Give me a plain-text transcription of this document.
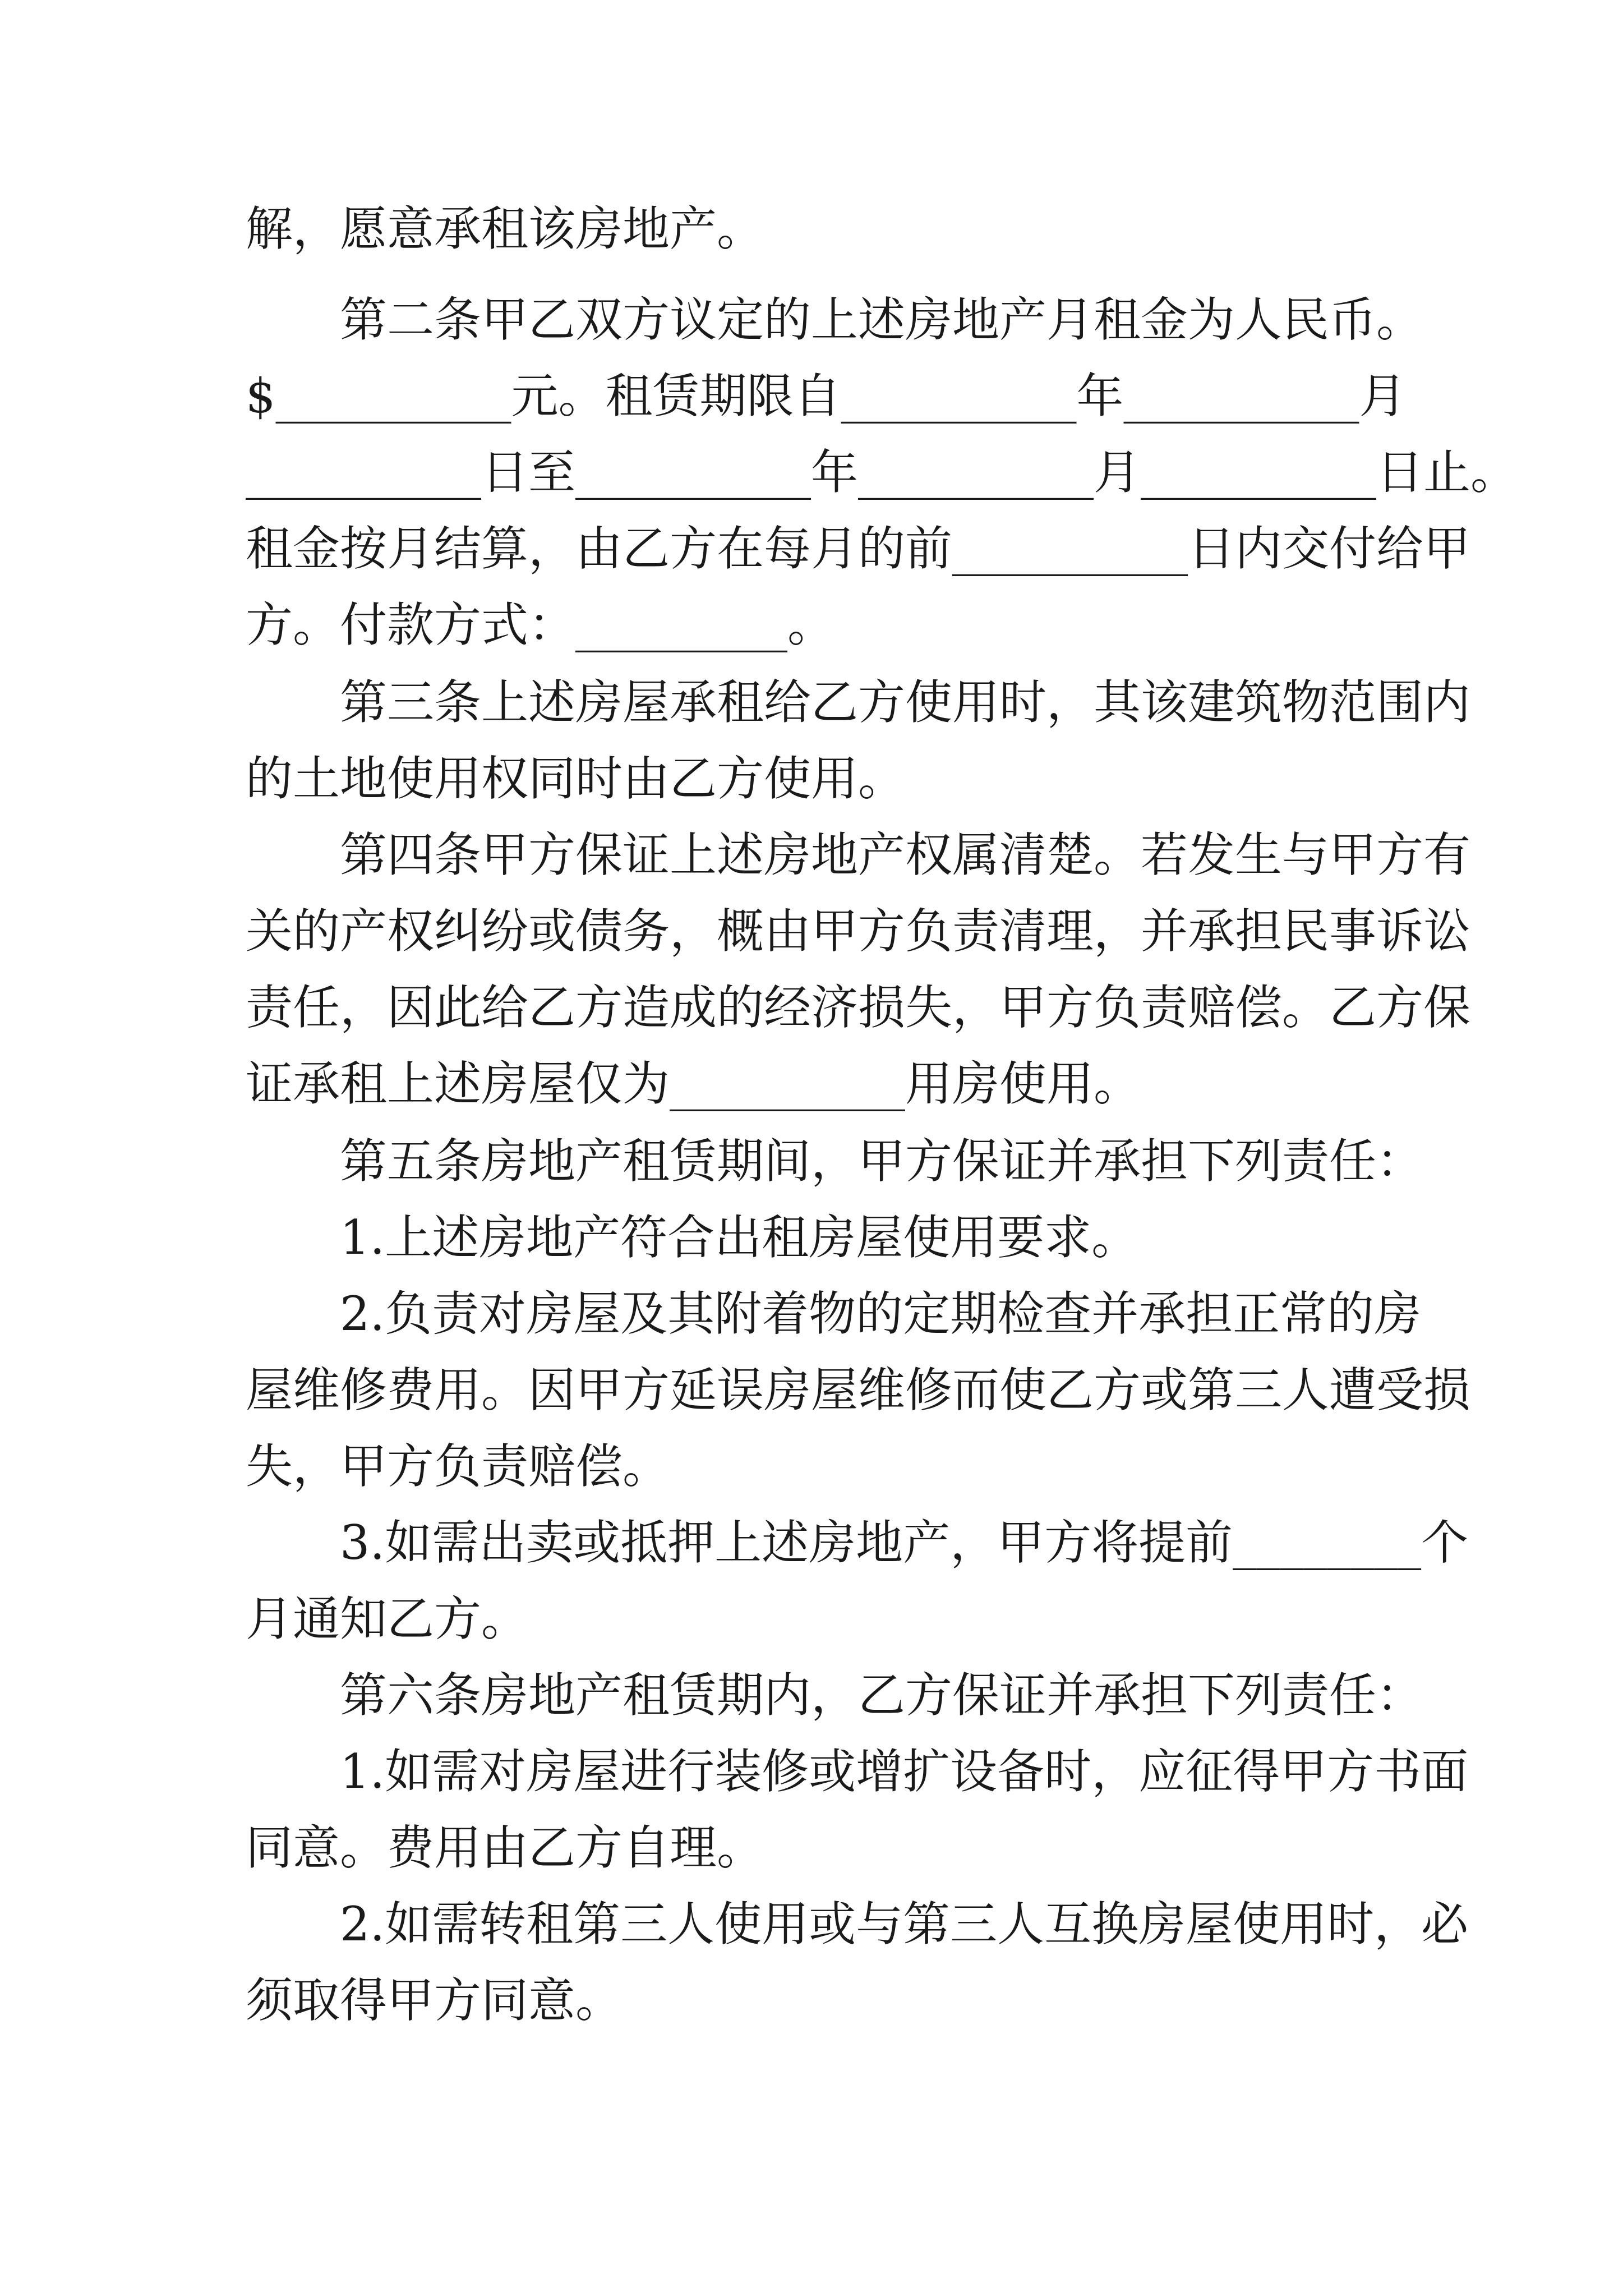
解，愿意承租该房地产。
第二条甲乙双方议定的上述房地产月租金为人民币。
$__________元。租赁期限自__________年__________月
__________日至__________年__________月__________日止。
租金按月结算，由乙方在每月的前__________日内交付给甲
方。付款方式：_________。
第三条上述房屋承租给乙方使用时，其该建筑物范围内
的土地使用权同时由乙方使用。
第四条甲方保证上述房地产权属清楚。若发生与甲方有
关的产权纠纷或债务，概由甲方负责清理，并承担民事诉讼
责任，因此给乙方造成的经济损失，甲方负责赔偿。乙方保
证承租上述房屋仅为__________用房使用。
第五条房地产租赁期间，甲方保证并承担下列责任：
1.上述房地产符合出租房屋使用要求。
2.负责对房屋及其附着物的定期检查并承担正常的房
屋维修费用。因甲方延误房屋维修而使乙方或第三人遭受损
失，甲方负责赔偿。
3.如需出卖或抵押上述房地产，甲方将提前________个
月通知乙方。
第六条房地产租赁期内，乙方保证并承担下列责任：
1.如需对房屋进行装修或增扩设备时，应征得甲方书面
同意。费用由乙方自理。
2.如需转租第三人使用或与第三人互换房屋使用时，必
须取得甲方同意。
